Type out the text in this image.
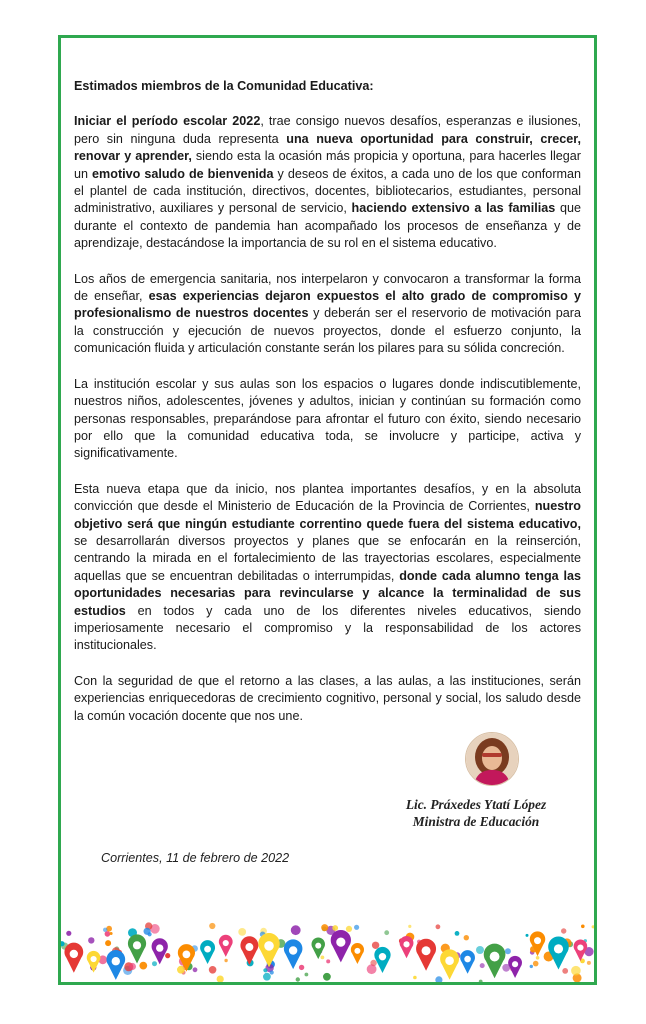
Estimados miembros de la Comunidad Educativa:

Iniciar el período escolar 2022, trae consigo nuevos desafíos, esperanzas e ilusiones, pero sin ninguna duda representa una nueva oportunidad para construir, crecer, renovar y aprender, siendo esta la ocasión más propicia y oportuna, para hacerles llegar un emotivo saludo de bienvenida y deseos de éxitos, a cada uno de los que conforman el plantel de cada institución, directivos, docentes, bibliotecarios, estudiantes, personal administrativo, auxiliares y personal de servicio, haciendo extensivo a las familias que durante el contexto de pandemia han acompañado los procesos de enseñanza y de aprendizaje, destacándose la importancia de su rol en el sistema educativo.

Los años de emergencia sanitaria, nos interpelaron y convocaron a transformar la forma de enseñar, esas experiencias dejaron expuestos el alto grado de compromiso y profesionalismo de nuestros docentes y deberán ser el reservorio de motivación para la construcción y ejecución de nuevos proyectos, donde el esfuerzo conjunto, la comunicación fluida y articulación constante serán los pilares para su sólida concreción.

La institución escolar y sus aulas son los espacios o lugares donde indiscutiblemente, nuestros niños, adolescentes, jóvenes y adultos, inician y continúan su formación como personas responsables, preparándose para afrontar el futuro con éxito, siendo necesario por ello que la comunidad educativa toda, se involucre y participe, activa y significativamente.

Esta nueva etapa que da inicio, nos plantea importantes desafíos, y en la absoluta convicción que desde el Ministerio de Educación de la Provincia de Corrientes, nuestro objetivo será que ningún estudiante correntino quede fuera del sistema educativo, se desarrollarán diversos proyectos y planes que se enfocarán en la reinserción, centrando la mirada en el fortalecimiento de las trayectorias escolares, especialmente aquellas que se encuentran debilitadas o interrumpidas, donde cada alumno tenga las oportunidades necesarias para revincularse y alcance la terminalidad de sus estudios en todos y cada uno de los diferentes niveles educativos, siendo imperiosamente necesario el compromiso y la responsabilidad de los actores institucionales.

Con la seguridad de que el retorno a las clases, a las aulas, a las instituciones, serán experiencias enriquecedoras de crecimiento cognitivo, personal y social, los saludo desde la común vocación docente que nos une.

Lic. Práxedes Ytatí López
Ministra de Educación
Corrientes, 11 de febrero de 2022
